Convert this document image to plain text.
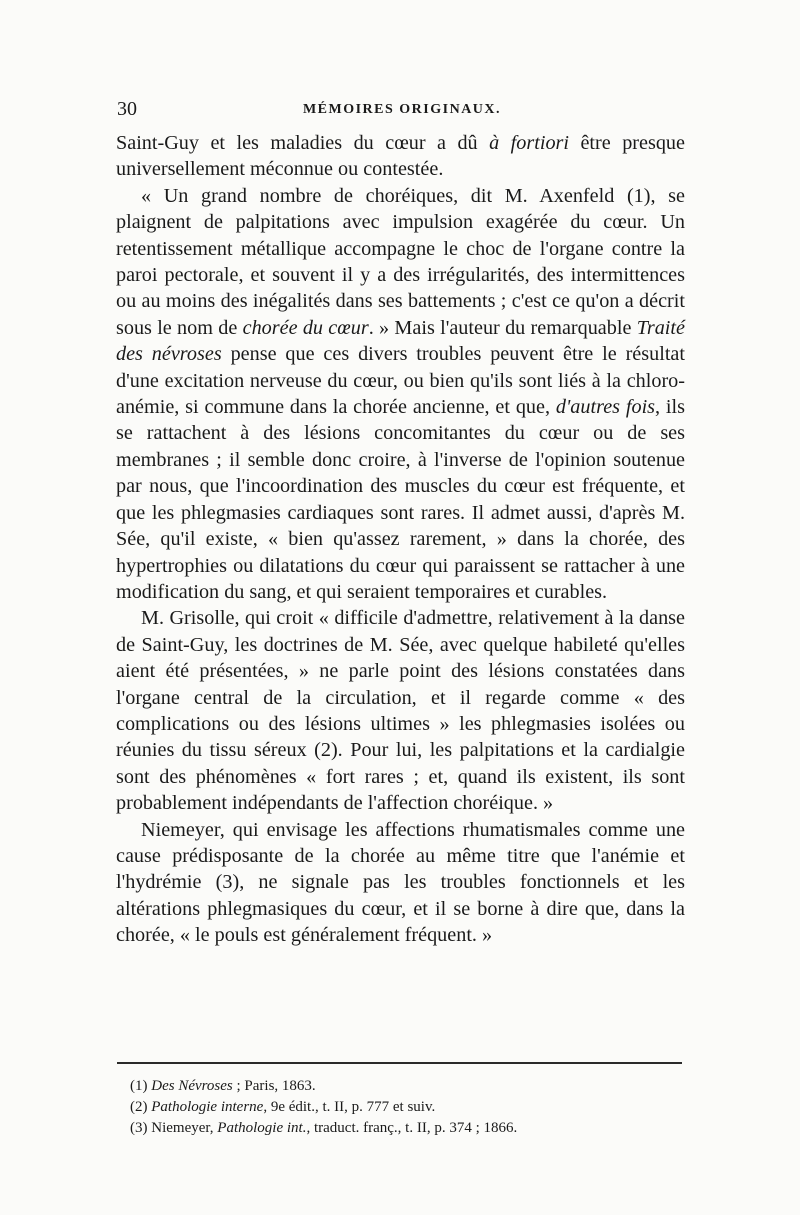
30	MÉMOIRES ORIGINAUX.

Saint-Guy et les maladies du cœur a dû à fortiori être presque universellement méconnue ou contestée.

« Un grand nombre de choréiques, dit M. Axenfeld (1), se plaignent de palpitations avec impulsion exagérée du cœur. Un retentissement métallique accompagne le choc de l'organe contre la paroi pectorale, et souvent il y a des irrégularités, des intermittences ou au moins des inégalités dans ses battements ; c'est ce qu'on a décrit sous le nom de chorée du cœur. » Mais l'auteur du remarquable Traité des névroses pense que ces divers troubles peuvent être le résultat d'une excitation nerveuse du cœur, ou bien qu'ils sont liés à la chloro-anémie, si commune dans la chorée ancienne, et que, d'autres fois, ils se rattachent à des lésions concomitantes du cœur ou de ses membranes ; il semble donc croire, à l'inverse de l'opinion soutenue par nous, que l'incoordination des muscles du cœur est fréquente, et que les phlegmasies cardiaques sont rares. Il admet aussi, d'après M. Sée, qu'il existe, « bien qu'assez rarement, » dans la chorée, des hypertrophies ou dilatations du cœur qui paraissent se rattacher à une modification du sang, et qui seraient temporaires et curables.

M. Grisolle, qui croit « difficile d'admettre, relativement à la danse de Saint-Guy, les doctrines de M. Sée, avec quelque habileté qu'elles aient été présentées, » ne parle point des lésions constatées dans l'organe central de la circulation, et il regarde comme « des complications ou des lésions ultimes » les phlegmasies isolées ou réunies du tissu séreux (2). Pour lui, les palpitations et la cardialgie sont des phénomènes « fort rares ; et, quand ils existent, ils sont probablement indépendants de l'affection choréique. »

Niemeyer, qui envisage les affections rhumatismales comme une cause prédisposante de la chorée au même titre que l'anémie et l'hydrémie (3), ne signale pas les troubles fonctionnels et les altérations phlegmasiques du cœur, et il se borne à dire que, dans la chorée, « le pouls est généralement fréquent. »

(1) Des Névroses ; Paris, 1863.
(2) Pathologie interne, 9e édit., t. II, p. 777 et suiv.
(3) Niemeyer, Pathologie int., traduct. franç., t. II, p. 374 ; 1866.
